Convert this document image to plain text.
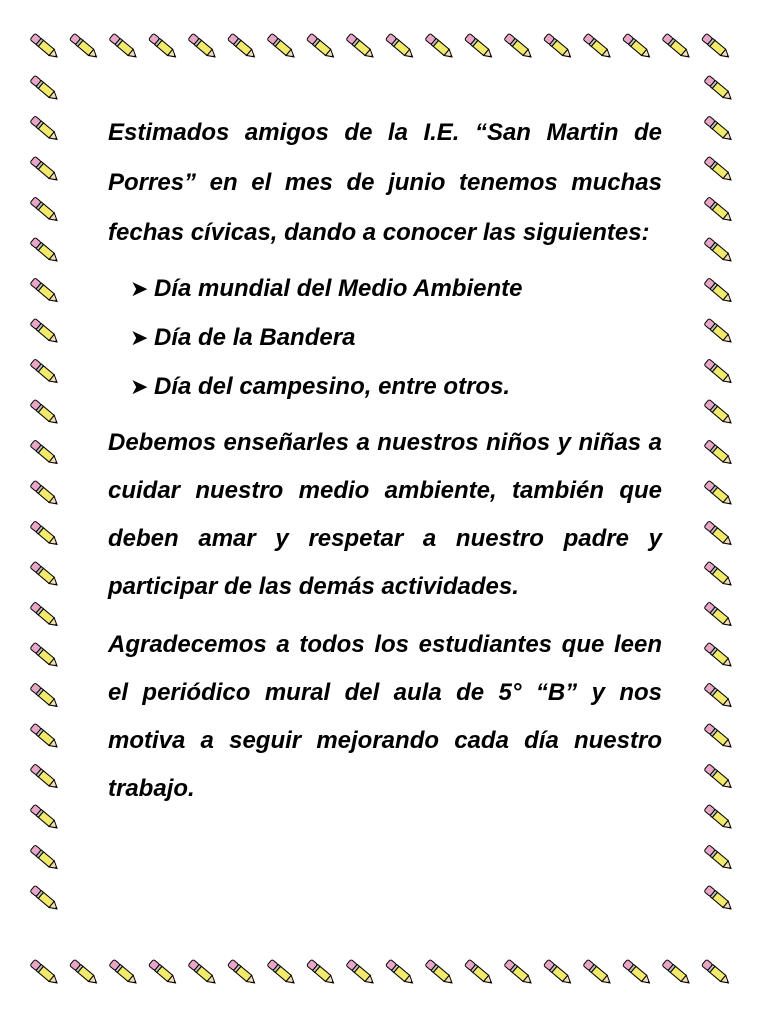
Estimados amigos de la I.E. “San Martin de Porres” en el mes de junio tenemos muchas fechas cívicas, dando a conocer las siguientes:

➤ Día mundial del Medio Ambiente
➤ Día de la Bandera
➤ Día del campesino, entre otros.

Debemos enseñarles a nuestros niños y niñas a cuidar nuestro medio ambiente, también que deben amar y respetar a nuestro padre y participar de las demás actividades.

Agradecemos a todos los estudiantes que leen el periódico mural del aula de 5° “B” y nos motiva a seguir mejorando cada día nuestro trabajo.
